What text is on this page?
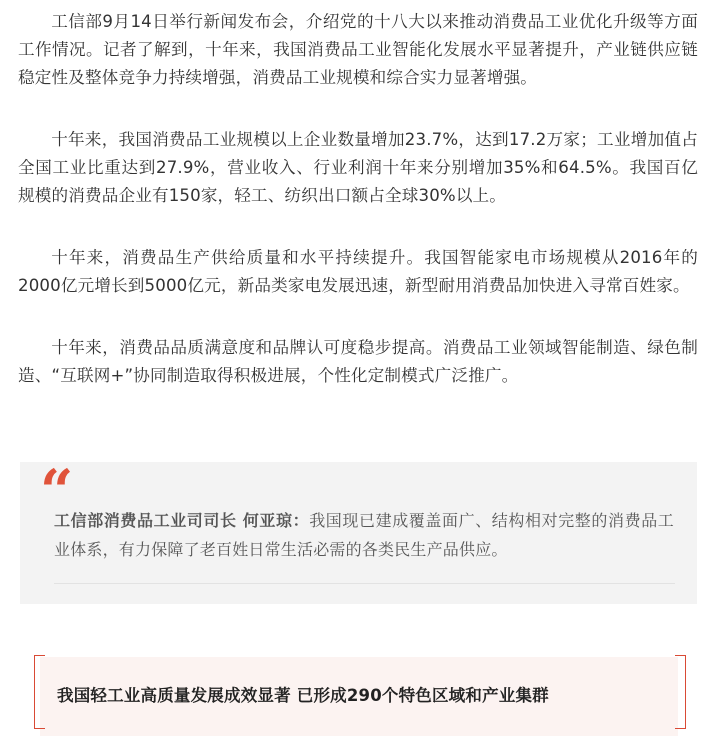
工信部9月14日举行新闻发布会，介绍党的十八大以来推动消费品工业优化升级等方面工作情况。记者了解到，十年来，我国消费品工业智能化发展水平显著提升，产业链供应链稳定性及整体竞争力持续增强，消费品工业规模和综合实力显著增强。

十年来，我国消费品工业规模以上企业数量增加23.7%，达到17.2万家；工业增加值占全国工业比重达到27.9%，营业收入、行业利润十年来分别增加35%和64.5%。我国百亿规模的消费品企业有150家，轻工、纺织出口额占全球30%以上。

十年来，消费品生产供给质量和水平持续提升。我国智能家电市场规模从2016年的2000亿元增长到5000亿元，新品类家电发展迅速，新型耐用消费品加快进入寻常百姓家。

十年来，消费品品质满意度和品牌认可度稳步提高。消费品工业领域智能制造、绿色制造、“互联网+”协同制造取得积极进展，个性化定制模式广泛推广。

“
工信部消费品工业司司长 何亚琼：我国现已建成覆盖面广、结构相对完整的消费品工业体系，有力保障了老百姓日常生活必需的各类民生产品供应。
我国轻工业高质量发展成效显著 已形成290个特色区域和产业集群
